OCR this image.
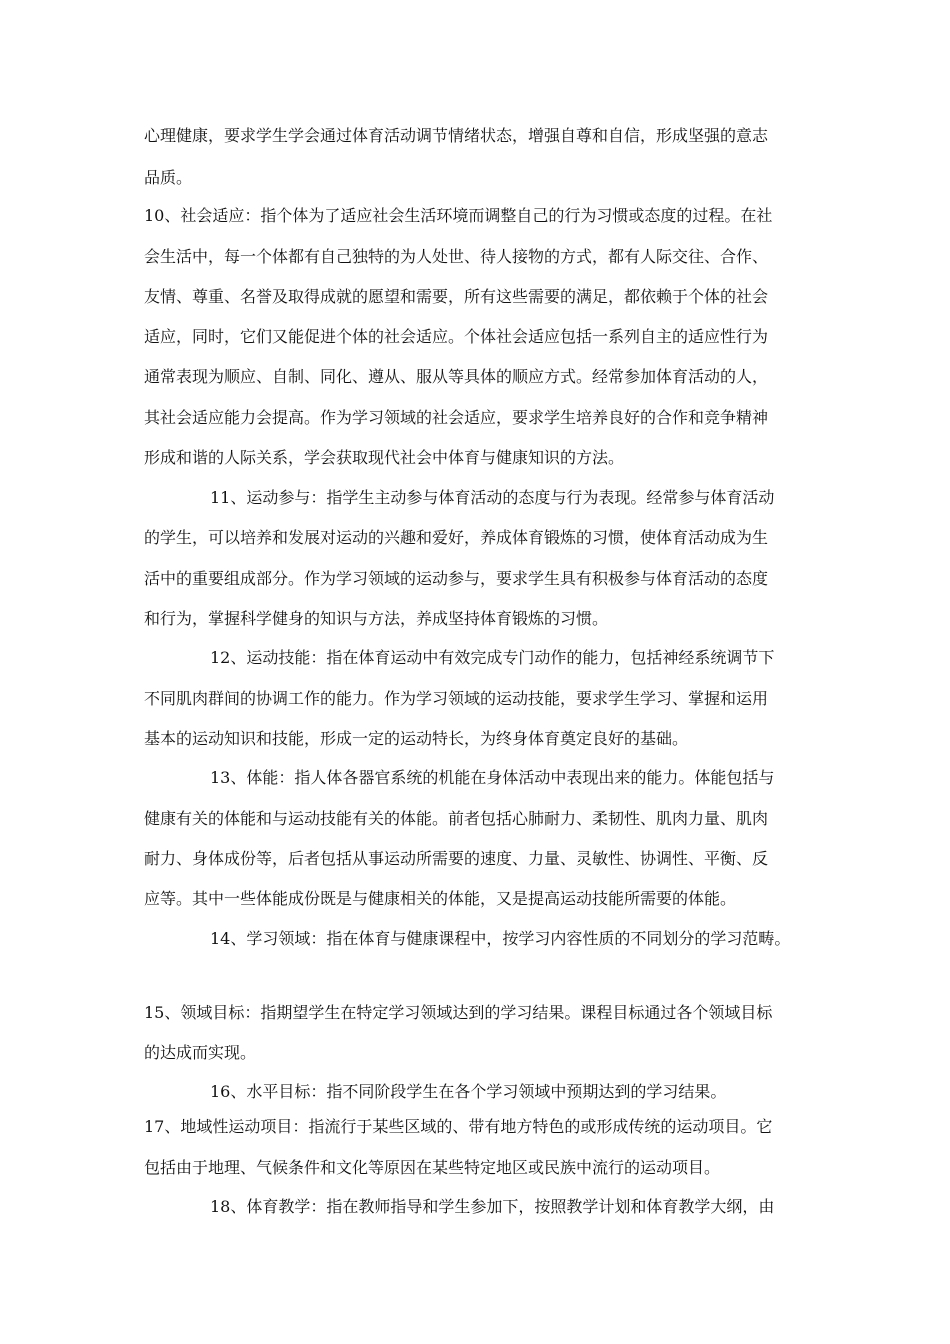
心理健康，要求学生学会通过体育活动调节情绪状态，增强自尊和自信，形成坚强的意志
品质。
10、社会适应：指个体为了适应社会生活环境而调整自己的行为习惯或态度的过程。在社
会生活中，每一个体都有自己独特的为人处世、待人接物的方式，都有人际交往、合作、
友情、尊重、名誉及取得成就的愿望和需要，所有这些需要的满足，都依赖于个体的社会
适应，同时，它们又能促进个体的社会适应。个体社会适应包括一系列自主的适应性行为
通常表现为顺应、自制、同化、遵从、服从等具体的顺应方式。经常参加体育活动的人，
其社会适应能力会提高。作为学习领域的社会适应，要求学生培养良好的合作和竞争精神
形成和谐的人际关系，学会获取现代社会中体育与健康知识的方法。
11、运动参与：指学生主动参与体育活动的态度与行为表现。经常参与体育活动
的学生，可以培养和发展对运动的兴趣和爱好，养成体育锻炼的习惯，使体育活动成为生
活中的重要组成部分。作为学习领域的运动参与，要求学生具有积极参与体育活动的态度
和行为，掌握科学健身的知识与方法，养成坚持体育锻炼的习惯。
12、运动技能：指在体育运动中有效完成专门动作的能力，包括神经系统调节下
不同肌肉群间的协调工作的能力。作为学习领域的运动技能，要求学生学习、掌握和运用
基本的运动知识和技能，形成一定的运动特长，为终身体育奠定良好的基础。
13、体能：指人体各器官系统的机能在身体活动中表现出来的能力。体能包括与
健康有关的体能和与运动技能有关的体能。前者包括心肺耐力、柔韧性、肌肉力量、肌肉
耐力、身体成份等，后者包括从事运动所需要的速度、力量、灵敏性、协调性、平衡、反
应等。其中一些体能成份既是与健康相关的体能，又是提高运动技能所需要的体能。
14、学习领域：指在体育与健康课程中，按学习内容性质的不同划分的学习范畴。
15、领域目标：指期望学生在特定学习领域达到的学习结果。课程目标通过各个领域目标
的达成而实现。
16、水平目标：指不同阶段学生在各个学习领域中预期达到的学习结果。
17、地域性运动项目：指流行于某些区域的、带有地方特色的或形成传统的运动项目。它
包括由于地理、气候条件和文化等原因在某些特定地区或民族中流行的运动项目。
18、体育教学：指在教师指导和学生参加下，按照教学计划和体育教学大纲，由
